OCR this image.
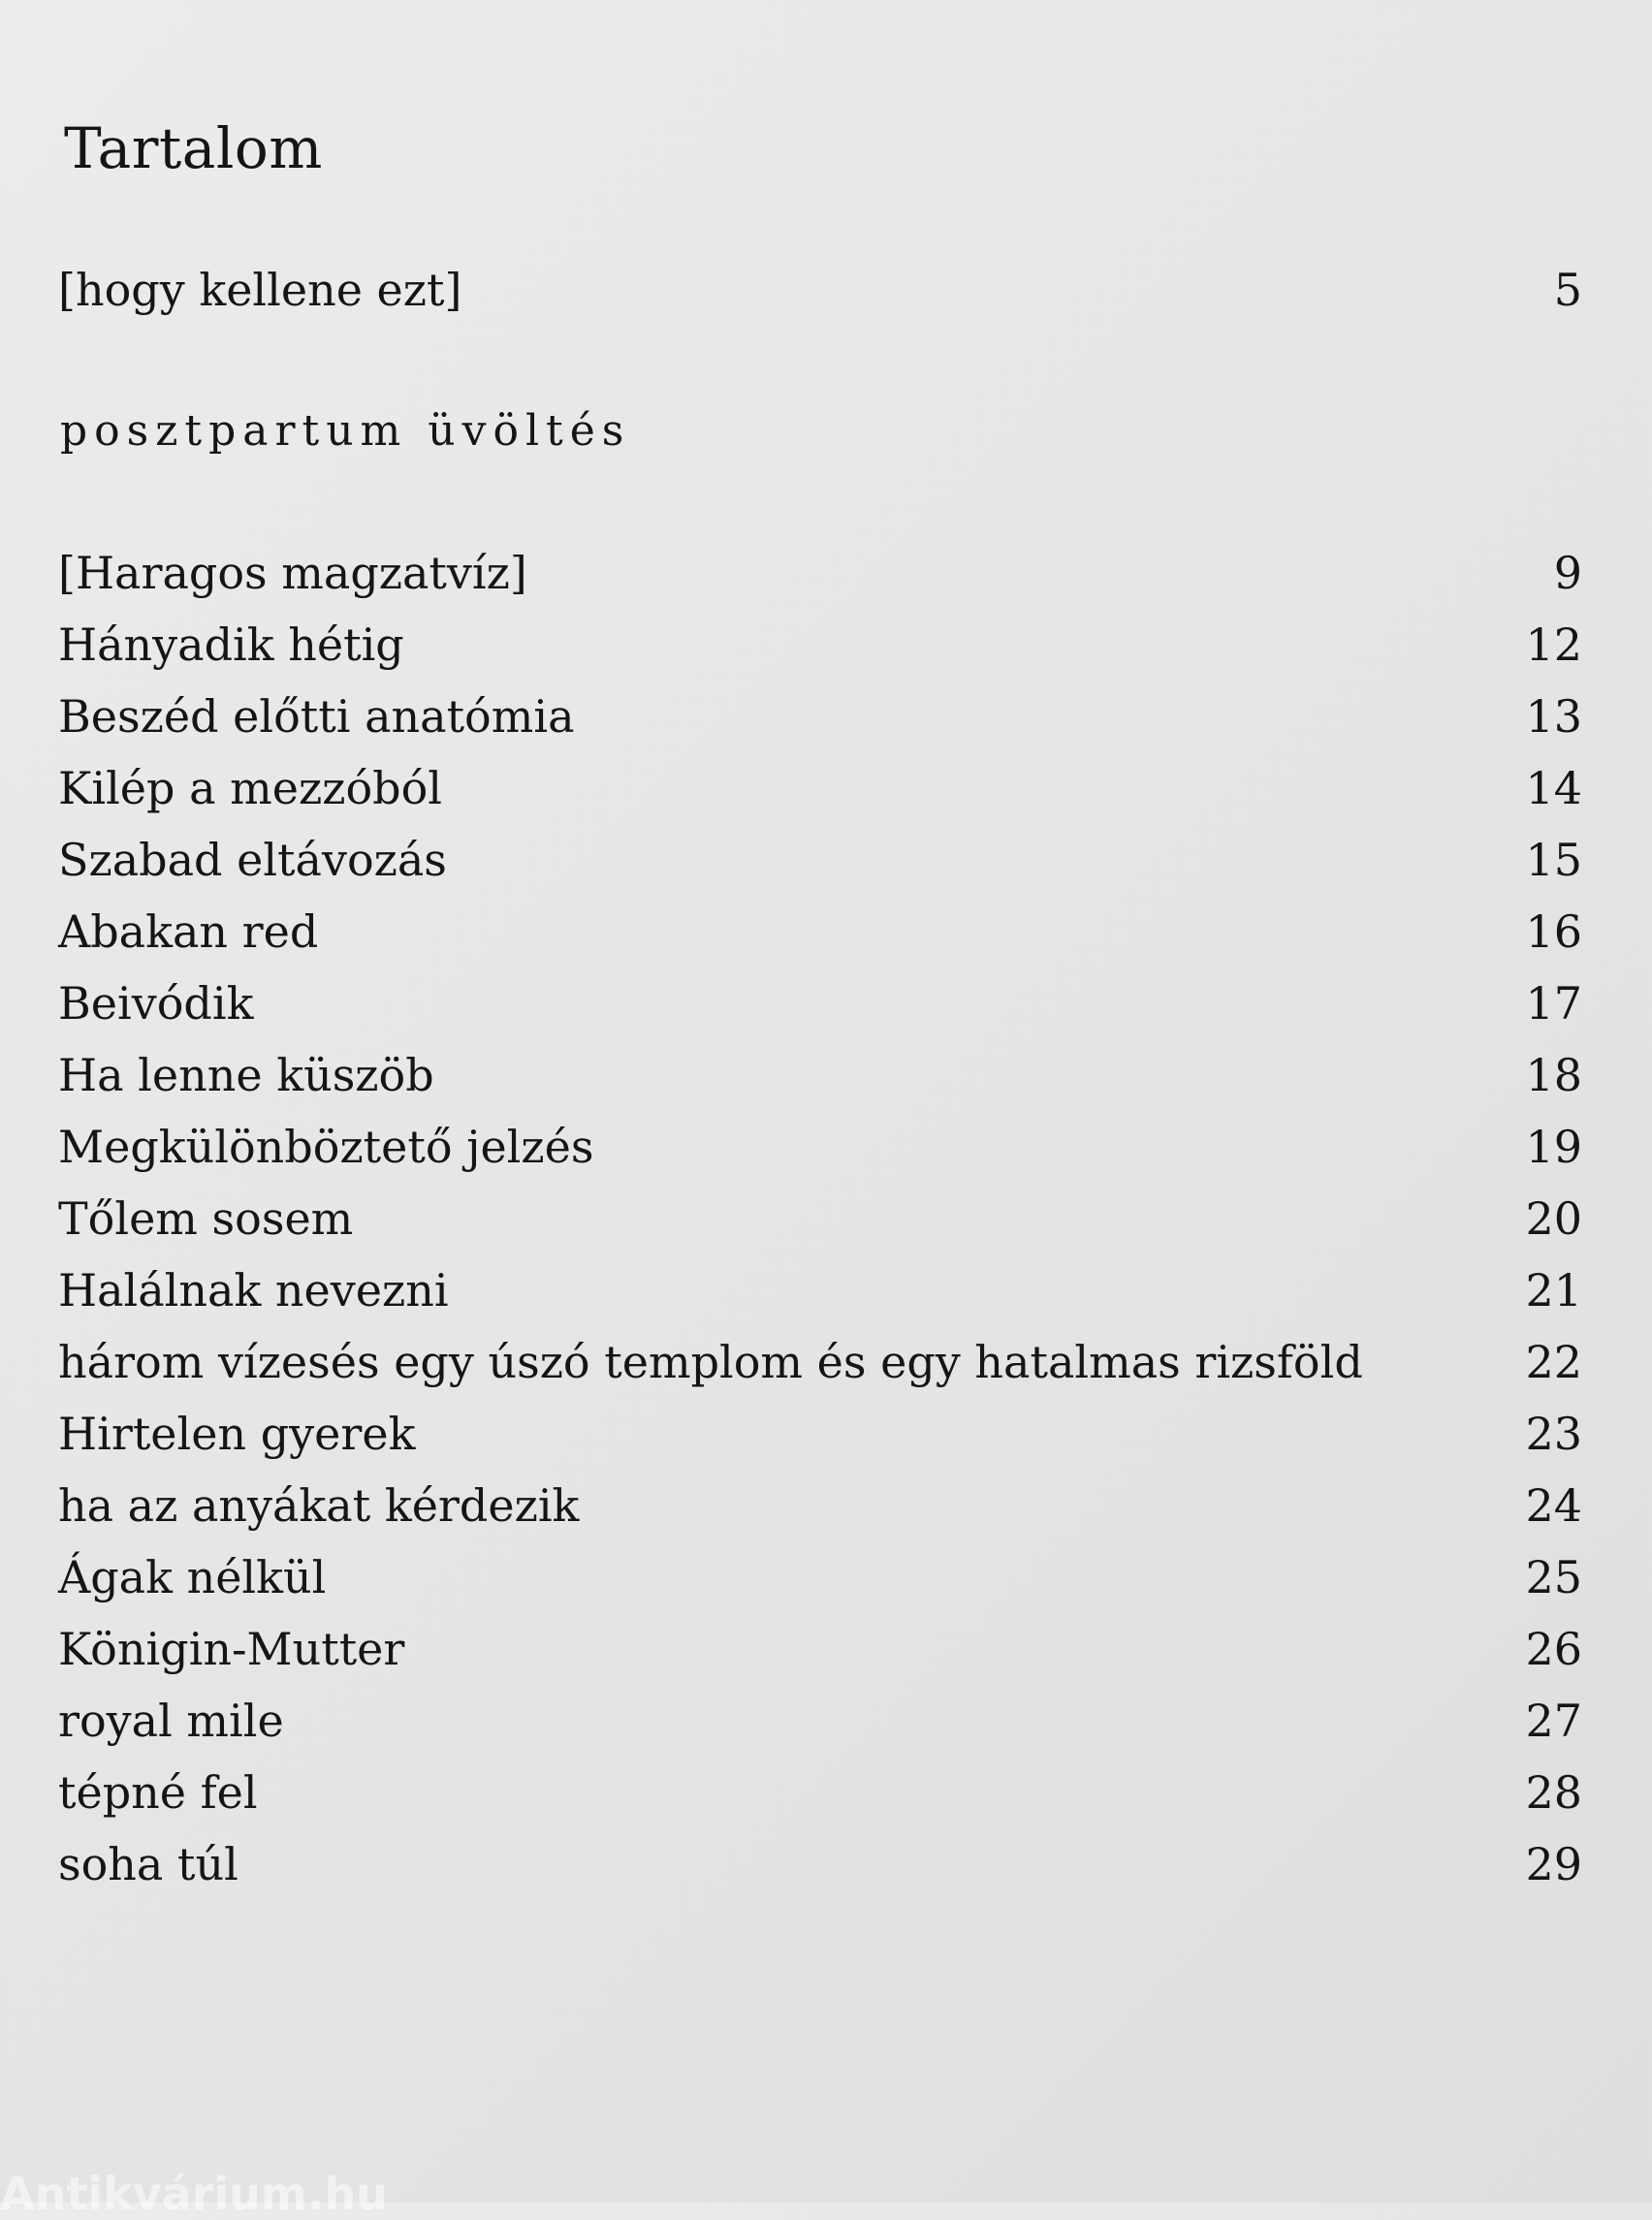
Tartalom
[hogy kellene ezt]	5
posztpartum üvöltés
[Haragos magzatvíz]	9
Hányadik hétig	12
Beszéd előtti anatómia	13
Kilép a mezzóból	14
Szabad eltávozás	15
Abakan red	16
Beivódik	17
Ha lenne küszöb	18
Megkülönböztető jelzés	19
Tőlem sosem	20
Halálnak nevezni	21
három vízesés egy úszó templom és egy hatalmas rizsföld	22
Hirtelen gyerek	23
ha az anyákat kérdezik	24
Ágak nélkül	25
Königin-Mutter	26
royal mile	27
tépné fel	28
soha túl	29
Antikvárium.hu
